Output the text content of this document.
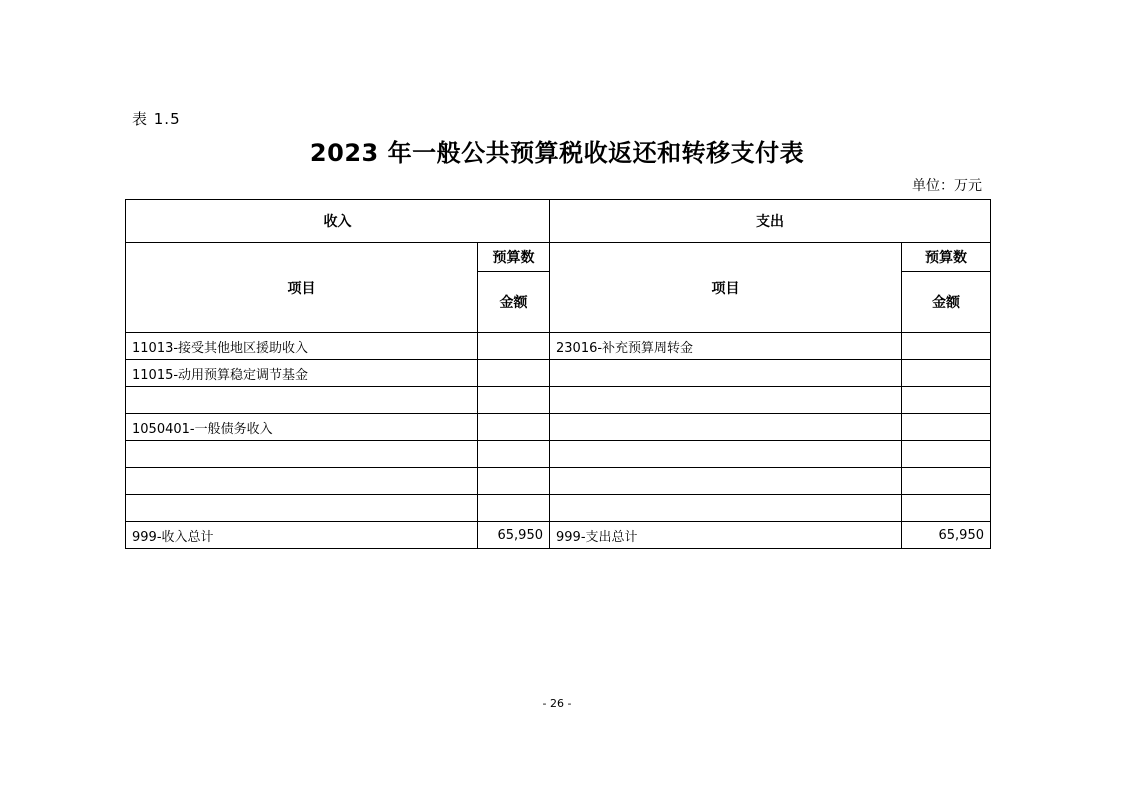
表 1.5
2023 年一般公共预算税收返还和转移支付表
单位：万元
收入		支出	
项目	预算数	项目	预算数
	金额		金额
11013-接受其他地区援助收入		23016-补充预算周转金	
11015-动用预算稳定调节基金			

1050401-一般债务收入			

999-收入总计	65,950	999-支出总计	65,950
- 26 -
